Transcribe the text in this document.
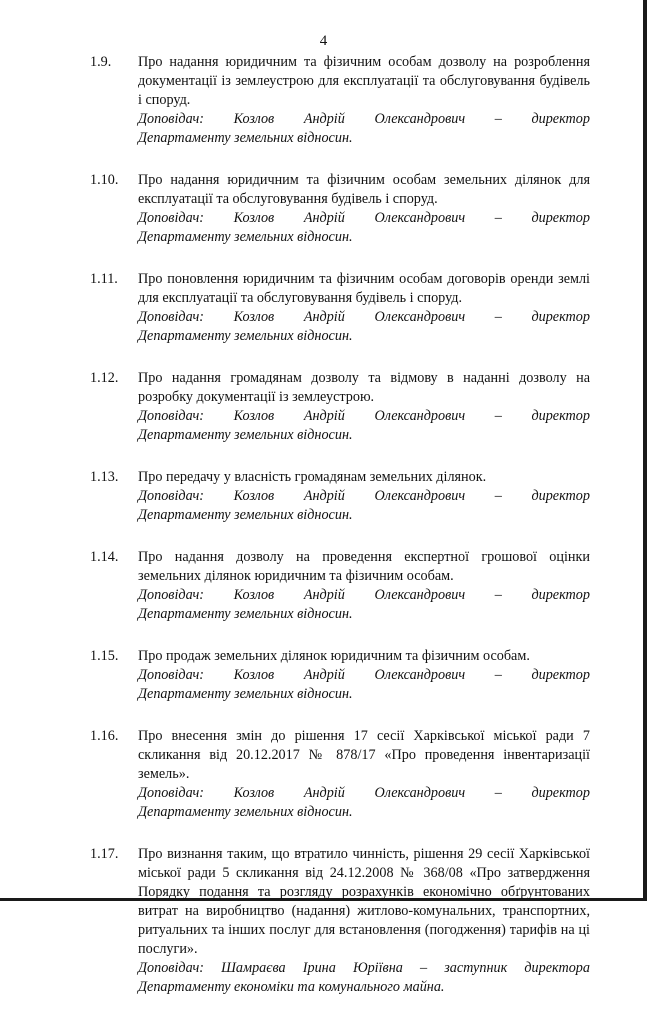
4
1.9.	Про надання юридичним та фізичним особам дозволу на розроблення документації із землеустрою для експлуатації та обслуговування будівель і споруд.
Доповідач: Козлов Андрій Олександрович – директор
Департаменту земельних відносин.
1.10.	Про надання юридичним та фізичним особам земельних ділянок для експлуатації та обслуговування будівель і споруд.
Доповідач: Козлов Андрій Олександрович – директор
Департаменту земельних відносин.
1.11.	Про поновлення юридичним та фізичним особам договорів оренди землі для експлуатації та обслуговування будівель і споруд.
Доповідач: Козлов Андрій Олександрович – директор
Департаменту земельних відносин.
1.12.	Про надання громадянам дозволу та відмову в наданні дозволу на розробку документації із землеустрою.
Доповідач: Козлов Андрій Олександрович – директор
Департаменту земельних відносин.
1.13.	Про передачу у власність громадянам земельних ділянок.
Доповідач: Козлов Андрій Олександрович – директор
Департаменту земельних відносин.
1.14.	Про надання дозволу на проведення експертної грошової оцінки земельних ділянок юридичним та фізичним особам.
Доповідач: Козлов Андрій Олександрович – директор
Департаменту земельних відносин.
1.15.	Про продаж земельних ділянок юридичним та фізичним особам.
Доповідач: Козлов Андрій Олександрович – директор
Департаменту земельних відносин.
1.16.	Про внесення змін до рішення 17 сесії Харківської міської ради 7 скликання від 20.12.2017 № 878/17 «Про проведення інвентаризації земель».
Доповідач: Козлов Андрій Олександрович – директор
Департаменту земельних відносин.
1.17.	Про визнання таким, що втратило чинність, рішення 29 сесії Харківської міської ради 5 скликання від 24.12.2008 № 368/08 «Про затвердження Порядку подання та розгляду розрахунків економічно обґрунтованих витрат на виробництво (надання) житлово-комунальних, транспортних, ритуальних та інших послуг для встановлення (погодження) тарифів на ці послуги».
Доповідач: Шамраєва Ірина Юріївна – заступник директора
Департаменту економіки та комунального майна.
